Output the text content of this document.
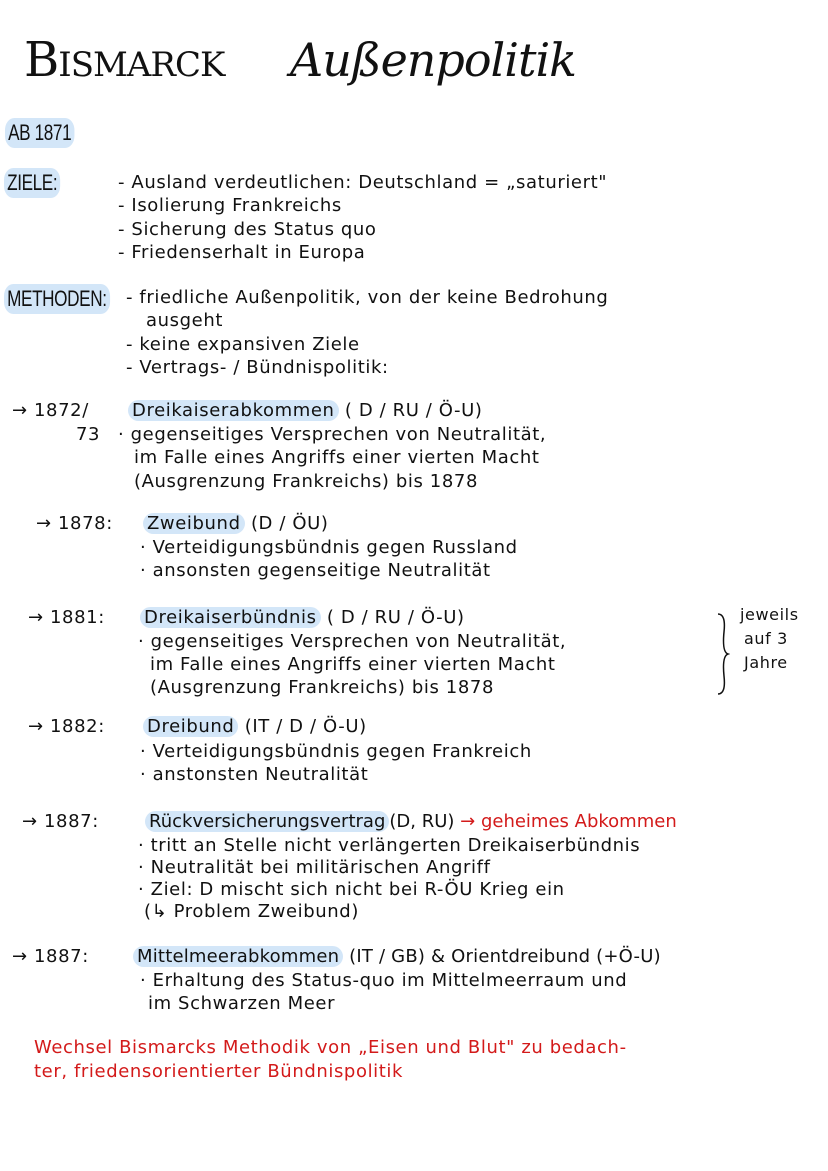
Bismarck Außenpolitik
AB 1871
ZIELE:	- Ausland verdeutlichen: Deutschland = „saturiert"
- Isolierung Frankreichs
- Sicherung des Status quo
- Friedenserhalt in Europa
METHODEN: - friedliche Außenpolitik, von der keine Bedrohung
ausgeht
- keine expansiven Ziele
- Vertrags- / Bündnispolitik:
→ 1872/ Dreikaiserabkommen ( D / RU / Ö-U)
73 · gegenseitiges Versprechen von Neutralität,
im Falle eines Angriffs einer vierten Macht
(Ausgrenzung Frankreichs) bis 1878
→ 1878: Zweibund (D / ÖU)
· Verteidigungsbündnis gegen Russland
· ansonsten gegenseitige Neutralität
→ 1881: Dreikaiserbündnis ( D / RU / Ö-U)
· gegenseitiges Versprechen von Neutralität,
im Falle eines Angriffs einer vierten Macht
(Ausgrenzung Frankreichs) bis 1878
jeweils
auf 3
Jahre
→ 1882: Dreibund (IT / D / Ö-U)
· Verteidigungsbündnis gegen Frankreich
· anstonsten Neutralität
→ 1887:	Rückversicherungsvertrag (D, RU) → geheimes Abkommen
· tritt an Stelle nicht verlängerten Dreikaiserbündnis
· Neutralität bei militärischen Angriff
· Ziel: D mischt sich nicht bei R-ÖU Krieg ein
(↳ Problem Zweibund)
→ 1887:	Mittelmeerabkommen (IT / GB) & Orientdreibund (+Ö-U)
· Erhaltung des Status-quo im Mittelmeerraum und
im Schwarzen Meer
Wechsel Bismarcks Methodik von „Eisen und Blut" zu bedach-
ter, friedensorientierter Bündnispolitik
